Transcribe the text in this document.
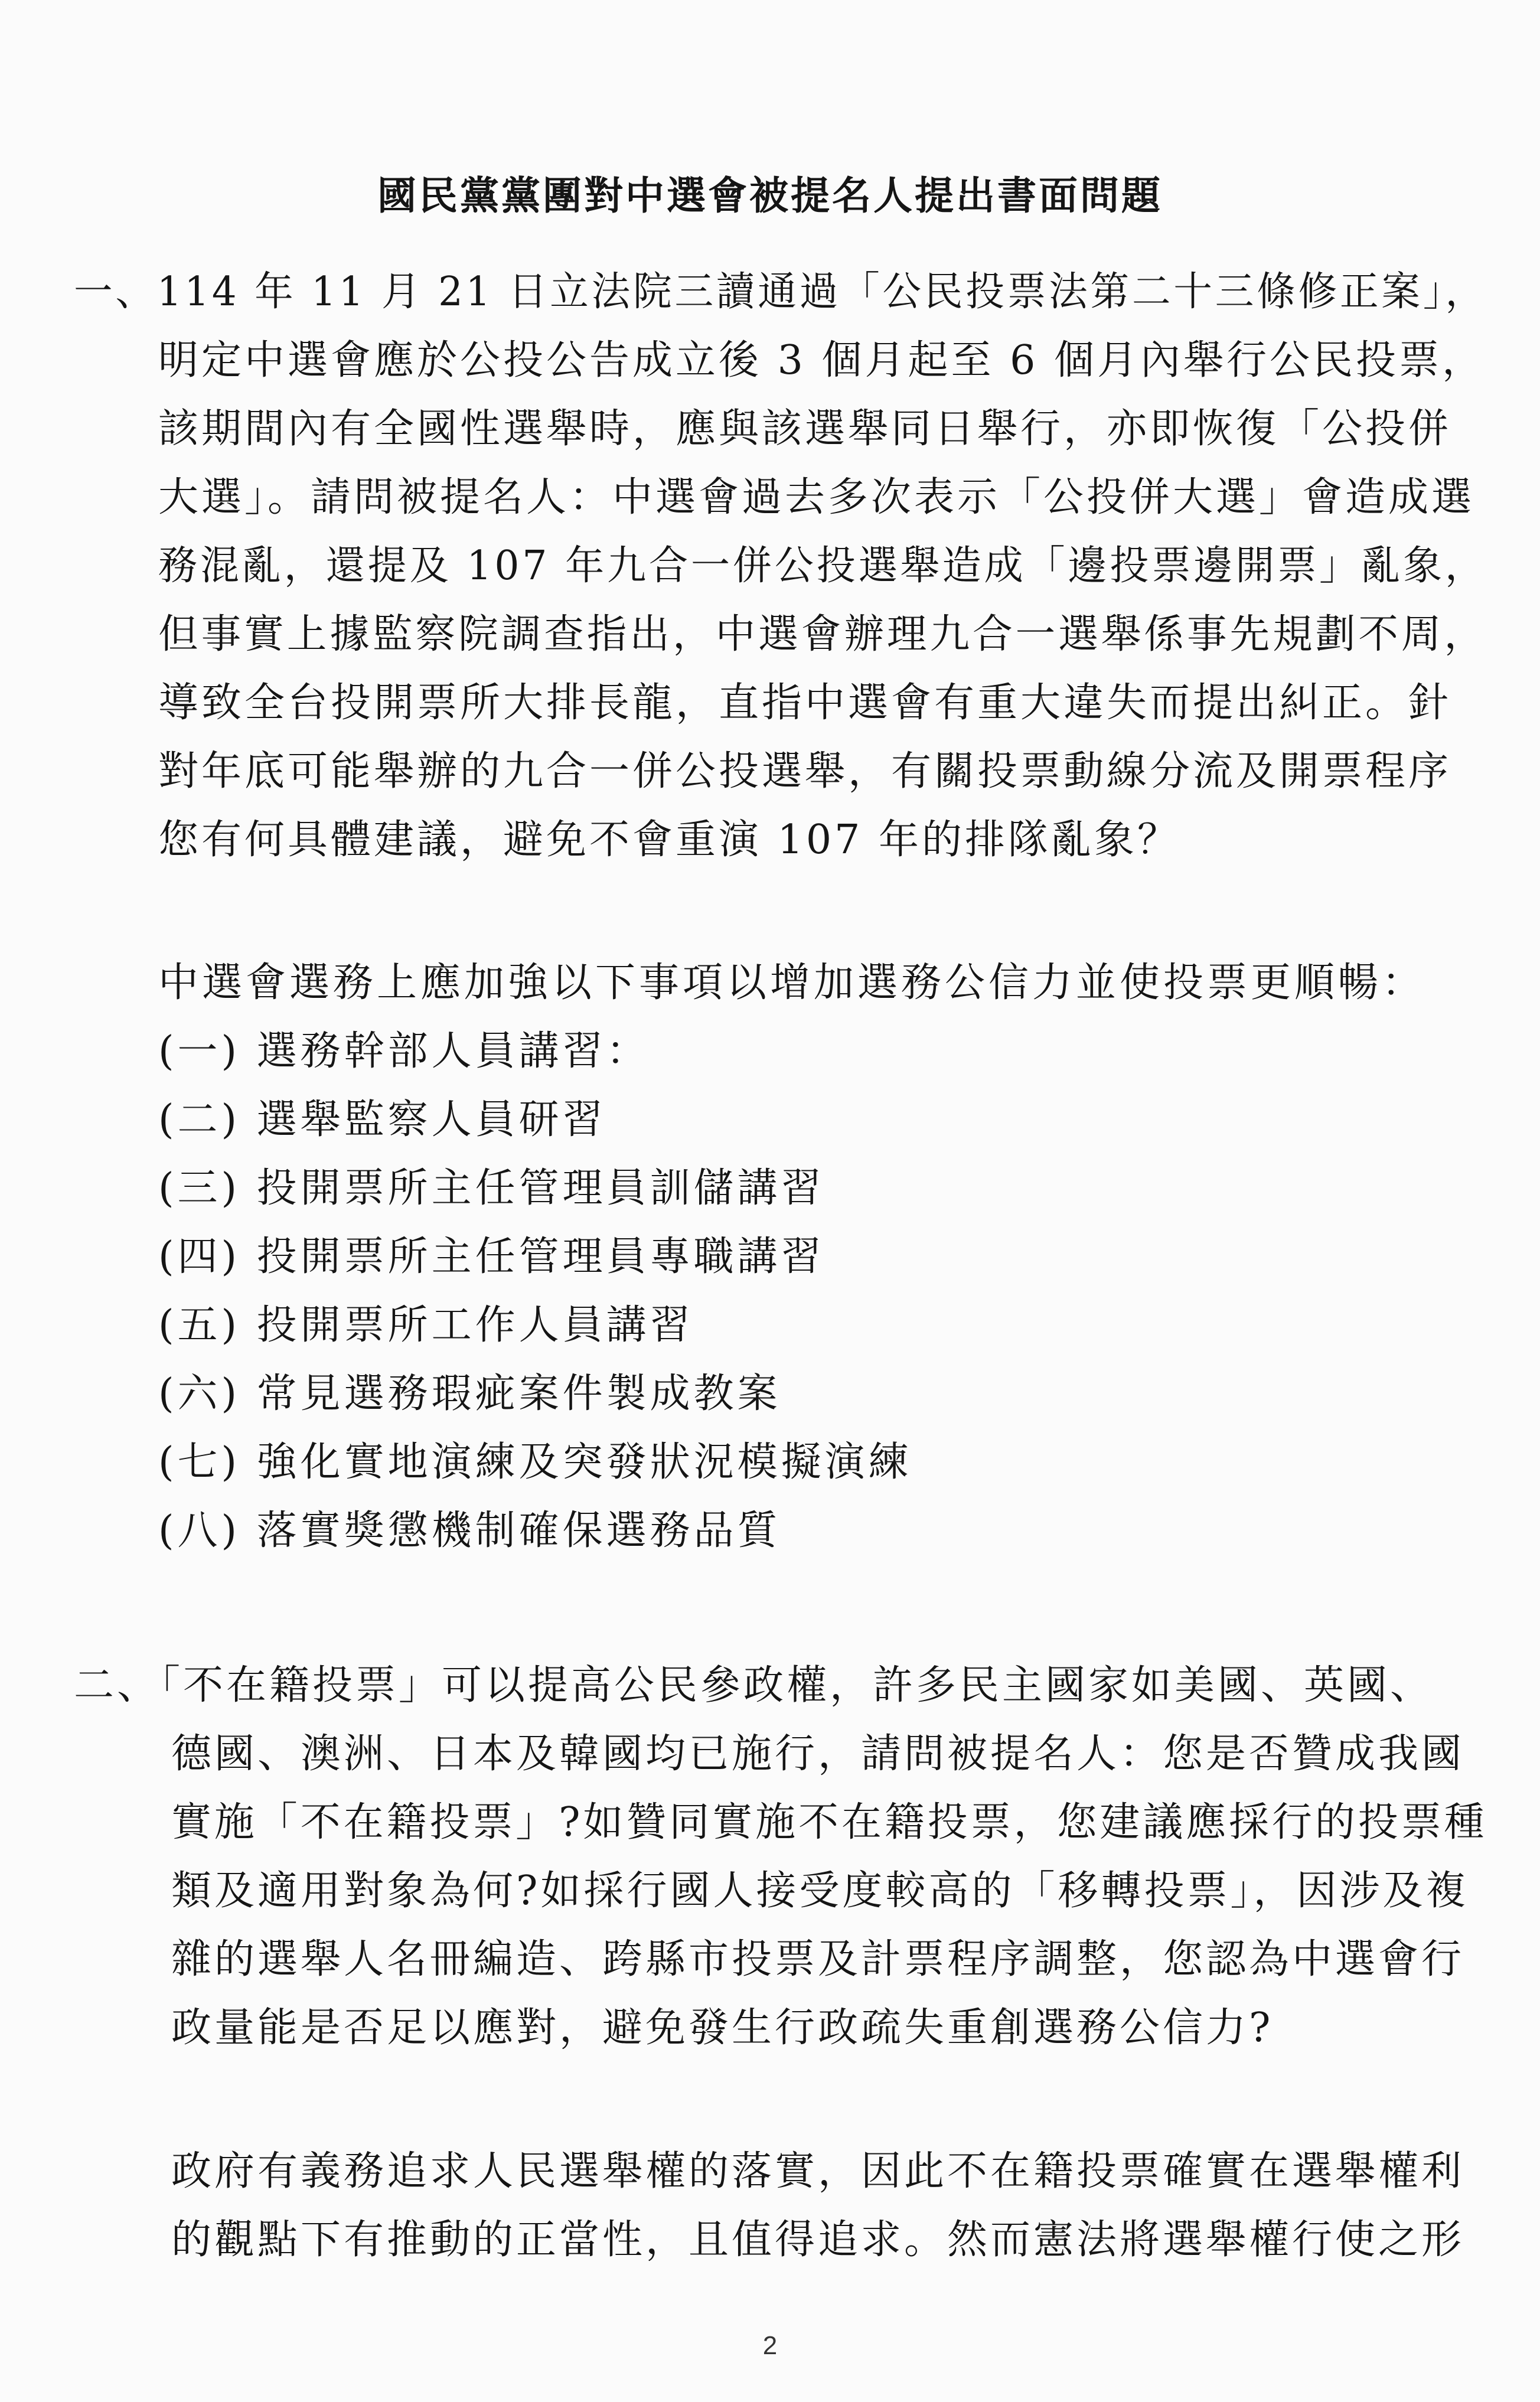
國民黨黨團對中選會被提名人提出書面問題
一、114 年 11 月 21 日立法院三讀通過「公民投票法第二十三條修正案」，
明定中選會應於公投公告成立後 3 個月起至 6 個月內舉行公民投票，
該期間內有全國性選舉時，應與該選舉同日舉行，亦即恢復「公投併
大選」。請問被提名人：中選會過去多次表示「公投併大選」會造成選
務混亂，還提及 107 年九合一併公投選舉造成「邊投票邊開票」亂象，
但事實上據監察院調查指出，中選會辦理九合一選舉係事先規劃不周，
導致全台投開票所大排長龍，直指中選會有重大違失而提出糾正。針
對年底可能舉辦的九合一併公投選舉，有關投票動線分流及開票程序
您有何具體建議，避免不會重演 107 年的排隊亂象？
中選會選務上應加強以下事項以增加選務公信力並使投票更順暢：
(一) 選務幹部人員講習：
(二) 選舉監察人員研習
(三) 投開票所主任管理員訓儲講習
(四) 投開票所主任管理員專職講習
(五) 投開票所工作人員講習
(六) 常見選務瑕疵案件製成教案
(七) 強化實地演練及突發狀況模擬演練
(八) 落實獎懲機制確保選務品質
二、「不在籍投票」可以提高公民參政權，許多民主國家如美國、英國、
德國、澳洲、日本及韓國均已施行，請問被提名人：您是否贊成我國
實施「不在籍投票」?如贊同實施不在籍投票，您建議應採行的投票種
類及適用對象為何?如採行國人接受度較高的「移轉投票」，因涉及複
雜的選舉人名冊編造、跨縣市投票及計票程序調整，您認為中選會行
政量能是否足以應對，避免發生行政疏失重創選務公信力?
政府有義務追求人民選舉權的落實，因此不在籍投票確實在選舉權利
的觀點下有推動的正當性，且值得追求。然而憲法將選舉權行使之形
2
